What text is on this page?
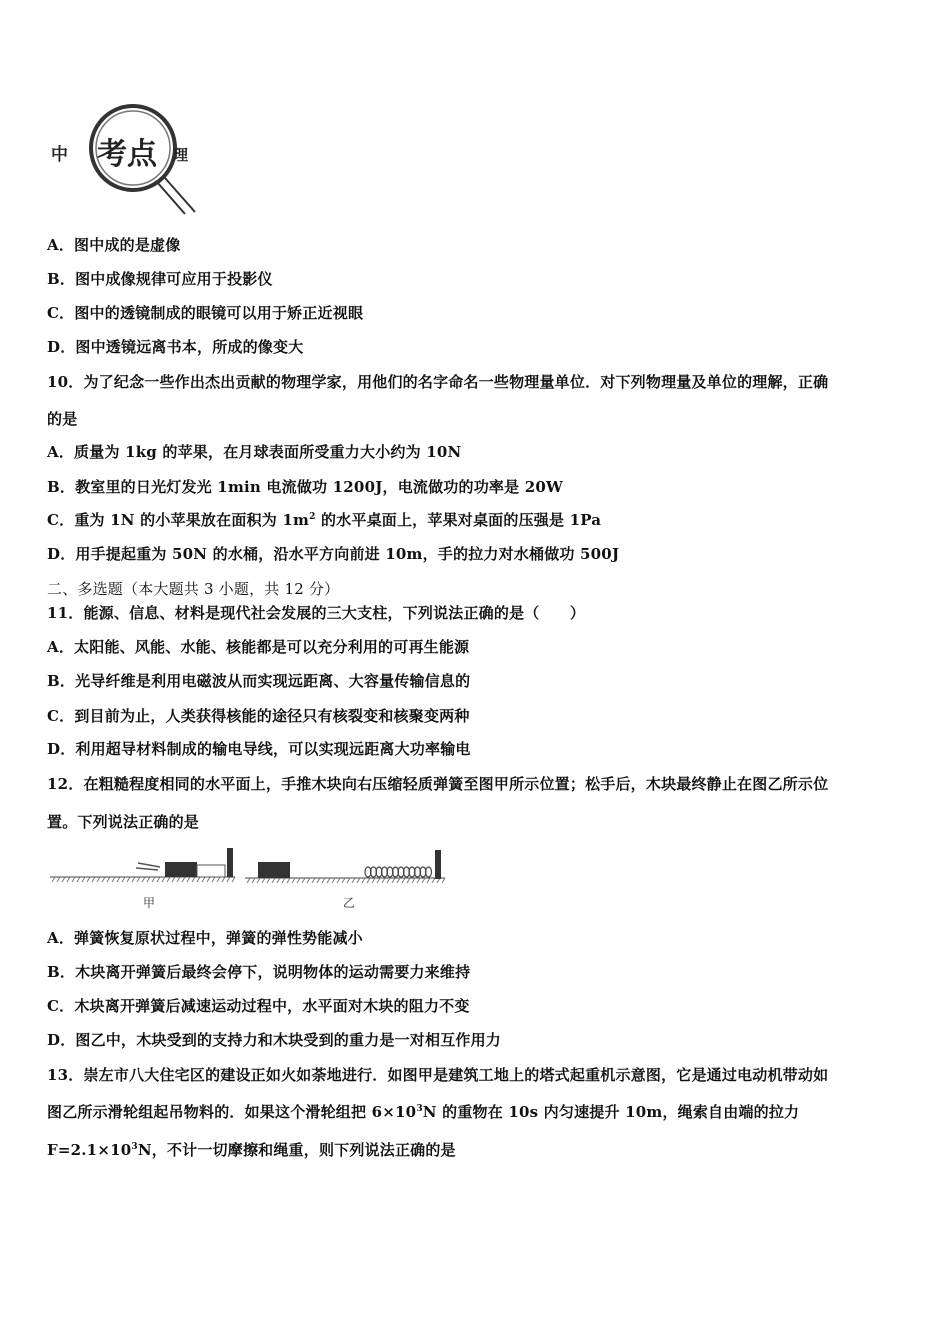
中 考点 理
A．图中成的是虚像
B．图中成像规律可应用于投影仪
C．图中的透镜制成的眼镜可以用于矫正近视眼
D．图中透镜远离书本，所成的像变大
10．为了纪念一些作出杰出贡献的物理学家，用他们的名字命名一些物理量单位．对下列物理量及单位的理解，正确
的是
A．质量为 1kg 的苹果，在月球表面所受重力大小约为 10N
B．教室里的日光灯发光 1min 电流做功 1200J，电流做功的功率是 20W
C．重为 1N 的小苹果放在面积为 $1m^2$ 的水平桌面上，苹果对桌面的压强是 1Pa
D．用手提起重为 50N 的水桶，沿水平方向前进 10m，手的拉力对水桶做功 500J
二、多选题（本大题共 3 小题，共 12 分）
11．能源、信息、材料是现代社会发展的三大支柱，下列说法正确的是（　　）
A．太阳能、风能、水能、核能都是可以充分利用的可再生能源
B．光导纤维是利用电磁波从而实现远距离、大容量传输信息的
C．到目前为止，人类获得核能的途径只有核裂变和核聚变两种
D．利用超导材料制成的输电导线，可以实现远距离大功率输电
12．在粗糙程度相同的水平面上，手推木块向右压缩轻质弹簧至图甲所示位置；松手后，木块最终静止在图乙所示位
置。下列说法正确的是
甲	乙
A．弹簧恢复原状过程中，弹簧的弹性势能减小
B．木块离开弹簧后最终会停下，说明物体的运动需要力来维持
C．木块离开弹簧后减速运动过程中，水平面对木块的阻力不变
D．图乙中，木块受到的支持力和木块受到的重力是一对相互作用力
13．崇左市八大住宅区的建设正如火如荼地进行．如图甲是建筑工地上的塔式起重机示意图，它是通过电动机带动如
图乙所示滑轮组起吊物料的．如果这个滑轮组把 $6\times 10^3N$ 的重物在 10s 内匀速提升 10m，绳索自由端的拉力
$F=2.1\times 10^3N$，不计一切摩擦和绳重，则下列说法正确的是
